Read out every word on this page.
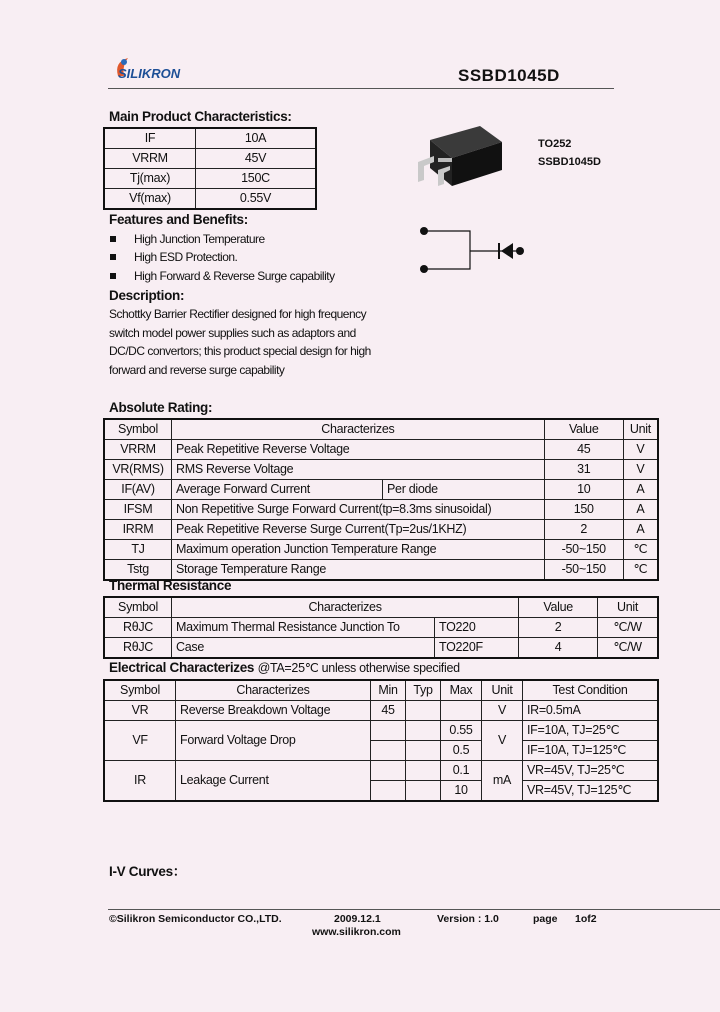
SILIKRON	SSBD1045D
Main Product Characteristics:
IF	10A
VRRM	45V
Tj(max)	150C
Vf(max)	0.55V
TO252
SSBD1045D
Features and Benefits:
High Junction Temperature
High ESD Protection.
High Forward & Reverse Surge capability
Description:
Schottky Barrier Rectifier designed for high frequency switch model power supplies such as adaptors and DC/DC convertors; this product special design for high forward and reverse surge capability
Absolute Rating:
Symbol	Characterizes		Value	Unit
VRRM	Peak Repetitive Reverse Voltage		45	V
VR(RMS)	RMS Reverse Voltage		31	V
IF(AV)	Average Forward Current	Per diode	10	A
IFSM	Non Repetitive Surge Forward Current(tp=8.3ms sinusoidal)		150	A
IRRM	Peak Repetitive Reverse Surge Current(Tp=2us/1KHZ)		2	A
TJ	Maximum operation Junction Temperature Range		-50~150	℃
Tstg	Storage Temperature Range		-50~150	℃
Thermal Resistance
Symbol	Characterizes		Value	Unit
RθJC	Maximum Thermal Resistance Junction To	TO220	2	℃/W
RθJC	Case	TO220F	4	℃/W
Electrical Characterizes @TA=25℃ unless otherwise specified
Symbol	Characterizes	Min	Typ	Max	Unit	Test Condition
VR	Reverse Breakdown Voltage	45			V	IR=0.5mA
VF	Forward Voltage Drop			0.55	V	IF=10A, TJ=25℃
				0.5		IF=10A, TJ=125℃
IR	Leakage Current			0.1	mA	VR=45V, TJ=25℃
				10		VR=45V, TJ=125℃
I-V Curves：
©Silikron Semiconductor CO.,LTD.	2009.12.1	Version : 1.0	page 1of2
www.silikron.com
